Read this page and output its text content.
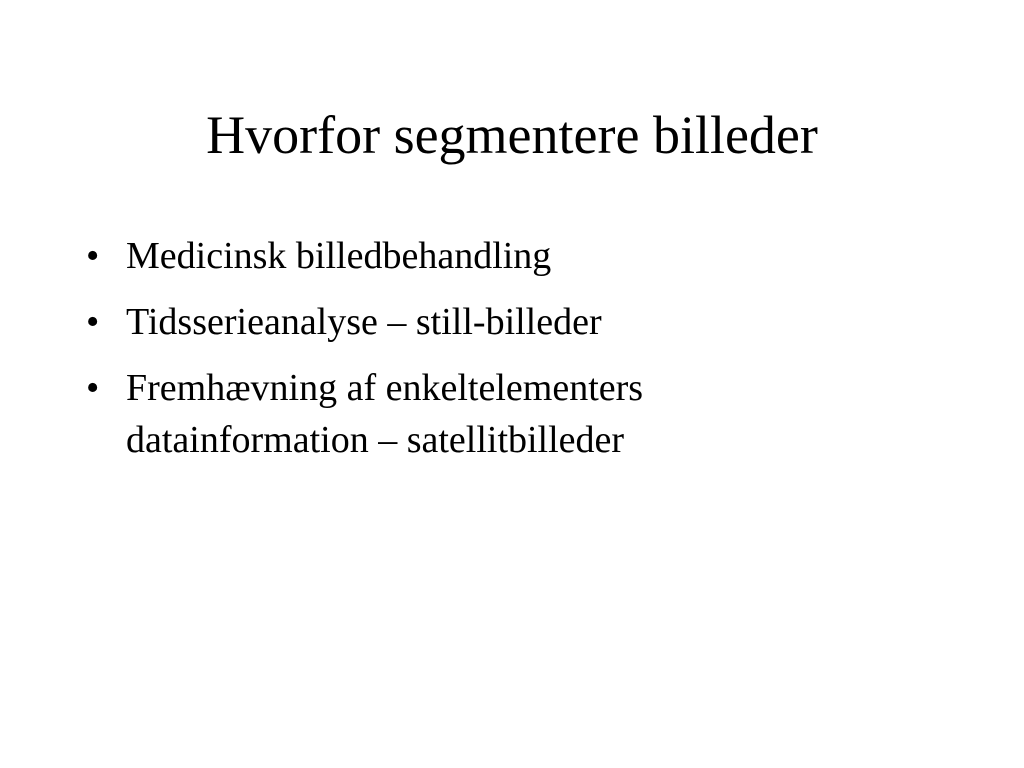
Hvorfor segmentere billeder
• Medicinsk billedbehandling
• Tidsserieanalyse – still-billeder
• Fremhævning af enkeltelementers datainformation – satellitbilleder
